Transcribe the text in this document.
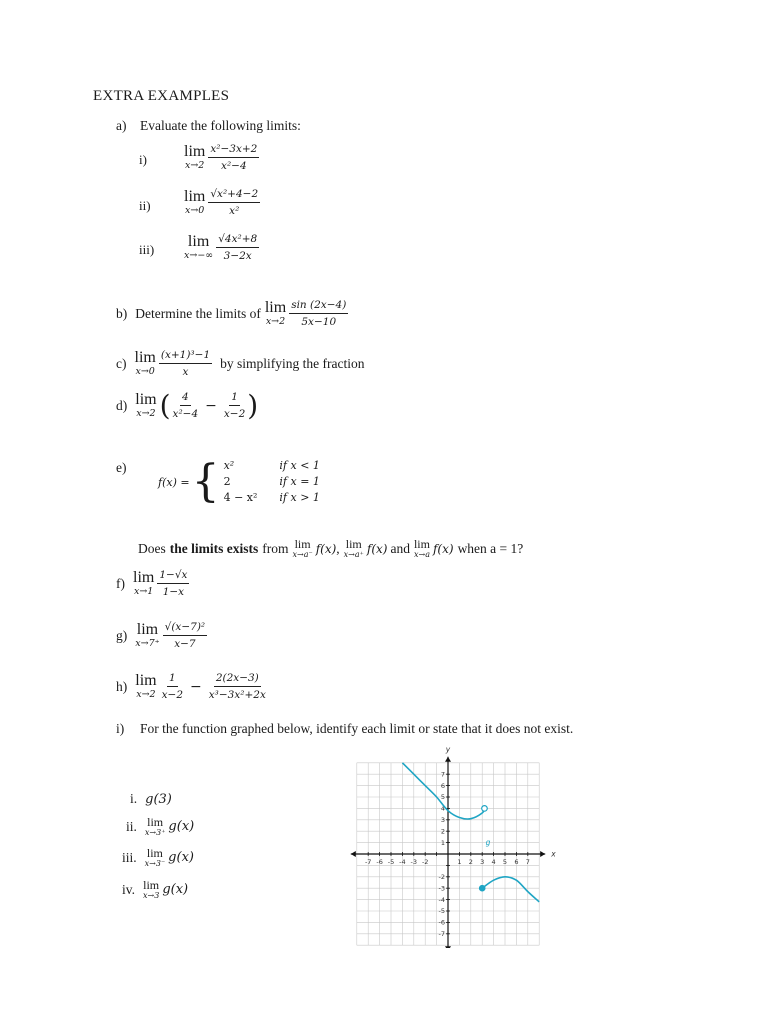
EXTRA EXAMPLES
a) Evaluate the following limits:
i) lim
$x\to 2 \frac{\text{x²−3x+2}}{\text{x²−4}}$
ii)
lim
$x\to 0 \frac{\text{√x²+4−2}}{\text{x²}}$
iii) lim
$x\to-\infty \frac{\text{√4x²+8}}{3-2x}$
b) Determine the limits of lim
$x\to 2 \frac{\sin (2x-4)}{5x-10}$
c) lim
$x\to 0 \frac{\text{(x+1)³−1}}{x}$ by simplifying the fraction
d) lim
x→2 ( $\frac{4}{\text{x²−4}} - \frac{1}{x-2}$ )
e)
f(x) = { x²	if x < 1
2	if x = 1
4 − x²	if x > 1
Does the limits exists from lim
x→a⁻ f(x) , lim
x→a⁺ f(x) and lim
x→a f(x) when a = 1?
f) lim
$x\to 1 \frac{1-√x}{1-x}$
g) lim
$x\to 7^+ \frac{\text{√(x−7)²}}{x-7}$
h) lim
$x\to 2 \frac{1}{x-2} - \frac{2(2x-3)}{\text{x³−3x²+2x}}$
i) For the function graphed below, identify each limit or state that it does not exist.
i. g(3)
ii. lim
x→3⁺ g(x)
iii. lim
x→3⁻ g(x)
iv. lim
x→3 g(x)
-7 -6 -5 -4 -3 -2	1 2 3 4 5 6 7
7
6
5
4
3
2
1
-2
-3
-4
-5
-6
-7
x
y
g
